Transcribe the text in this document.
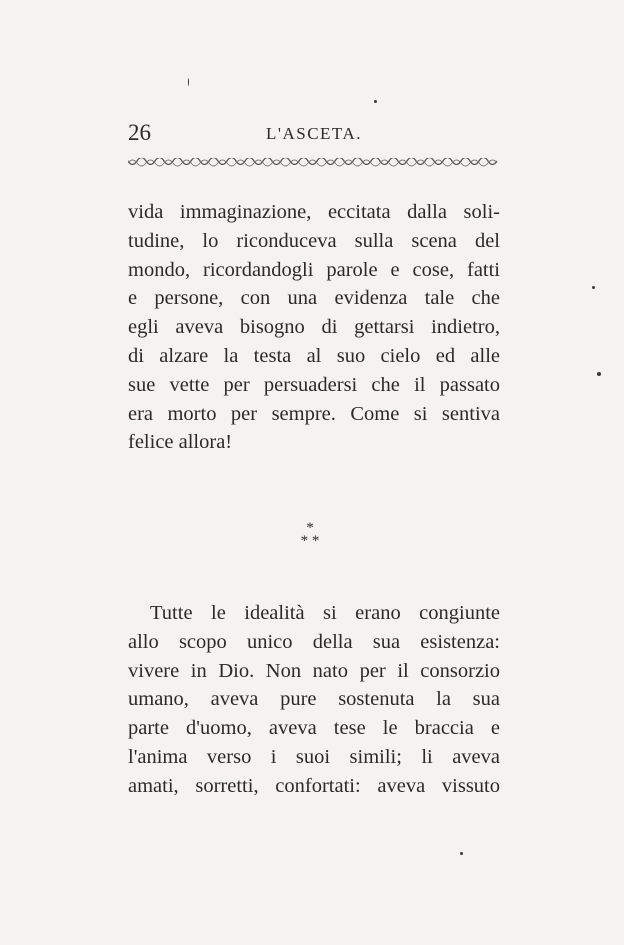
26	L'ASCETA.
vida immaginazione, eccitata dalla soli-
tudine, lo riconduceva sulla scena del
mondo, ricordandogli parole e cose, fatti
e persone, con una evidenza tale che
egli aveva bisogno di gettarsi indietro,
di alzare la testa al suo cielo ed alle
sue vette per persuadersi che il passato
era morto per sempre. Come si sentiva
felice allora!
*
* *
Tutte le idealità si erano congiunte
allo scopo unico della sua esistenza:
vivere in Dio. Non nato per il consorzio
umano, aveva pure sostenuta la sua
parte d'uomo, aveva tese le braccia e
l'anima verso i suoi simili; li aveva
amati, sorretti, confortati: aveva vissuto
